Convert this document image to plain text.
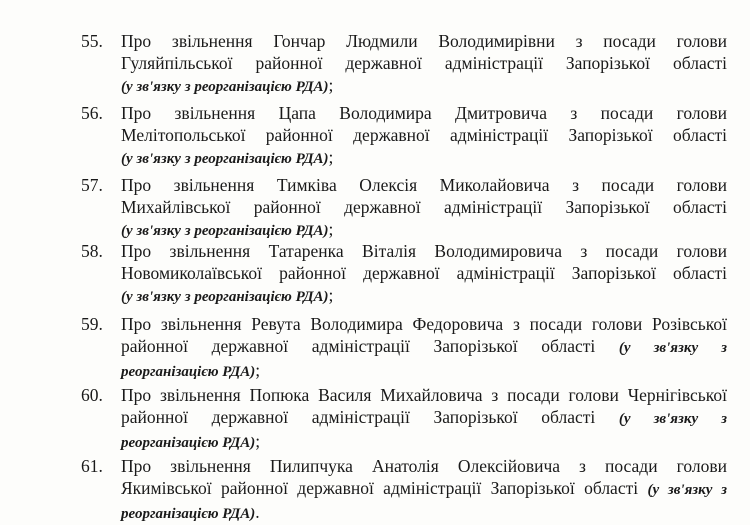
55. Про звільнення Гончар Людмили Володимирівни з посади голови
Гуляйпільської районної державної адміністрації Запорізької області
(у зв'язку з реорганізацією РДА);
56. Про звільнення Цапа Володимира Дмитровича з посади голови
Мелітопольської районної державної адміністрації Запорізької області
(у зв'язку з реорганізацією РДА);
57. Про звільнення Тимківа Олексія Миколайовича з посади голови
Михайлівської районної державної адміністрації Запорізької області
(у зв'язку з реорганізацією РДА);
58. Про звільнення Татаренка Віталія Володимировича з посади голови
Новомиколаївської районної державної адміністрації Запорізької області
(у зв'язку з реорганізацією РДА);
59. Про звільнення Ревута Володимира Федоровича з посади голови Розівської
районної державної адміністрації Запорізької області (у зв'язку з
реорганізацією РДА);
60. Про звільнення Попюка Василя Михайловича з посади голови Чернігівської
районної державної адміністрації Запорізької області (у зв'язку з
реорганізацією РДА);
61. Про звільнення Пилипчука Анатолія Олексійовича з посади голови
Якимівської районної державної адміністрації Запорізької області (у зв'язку з
реорганізацією РДА).
